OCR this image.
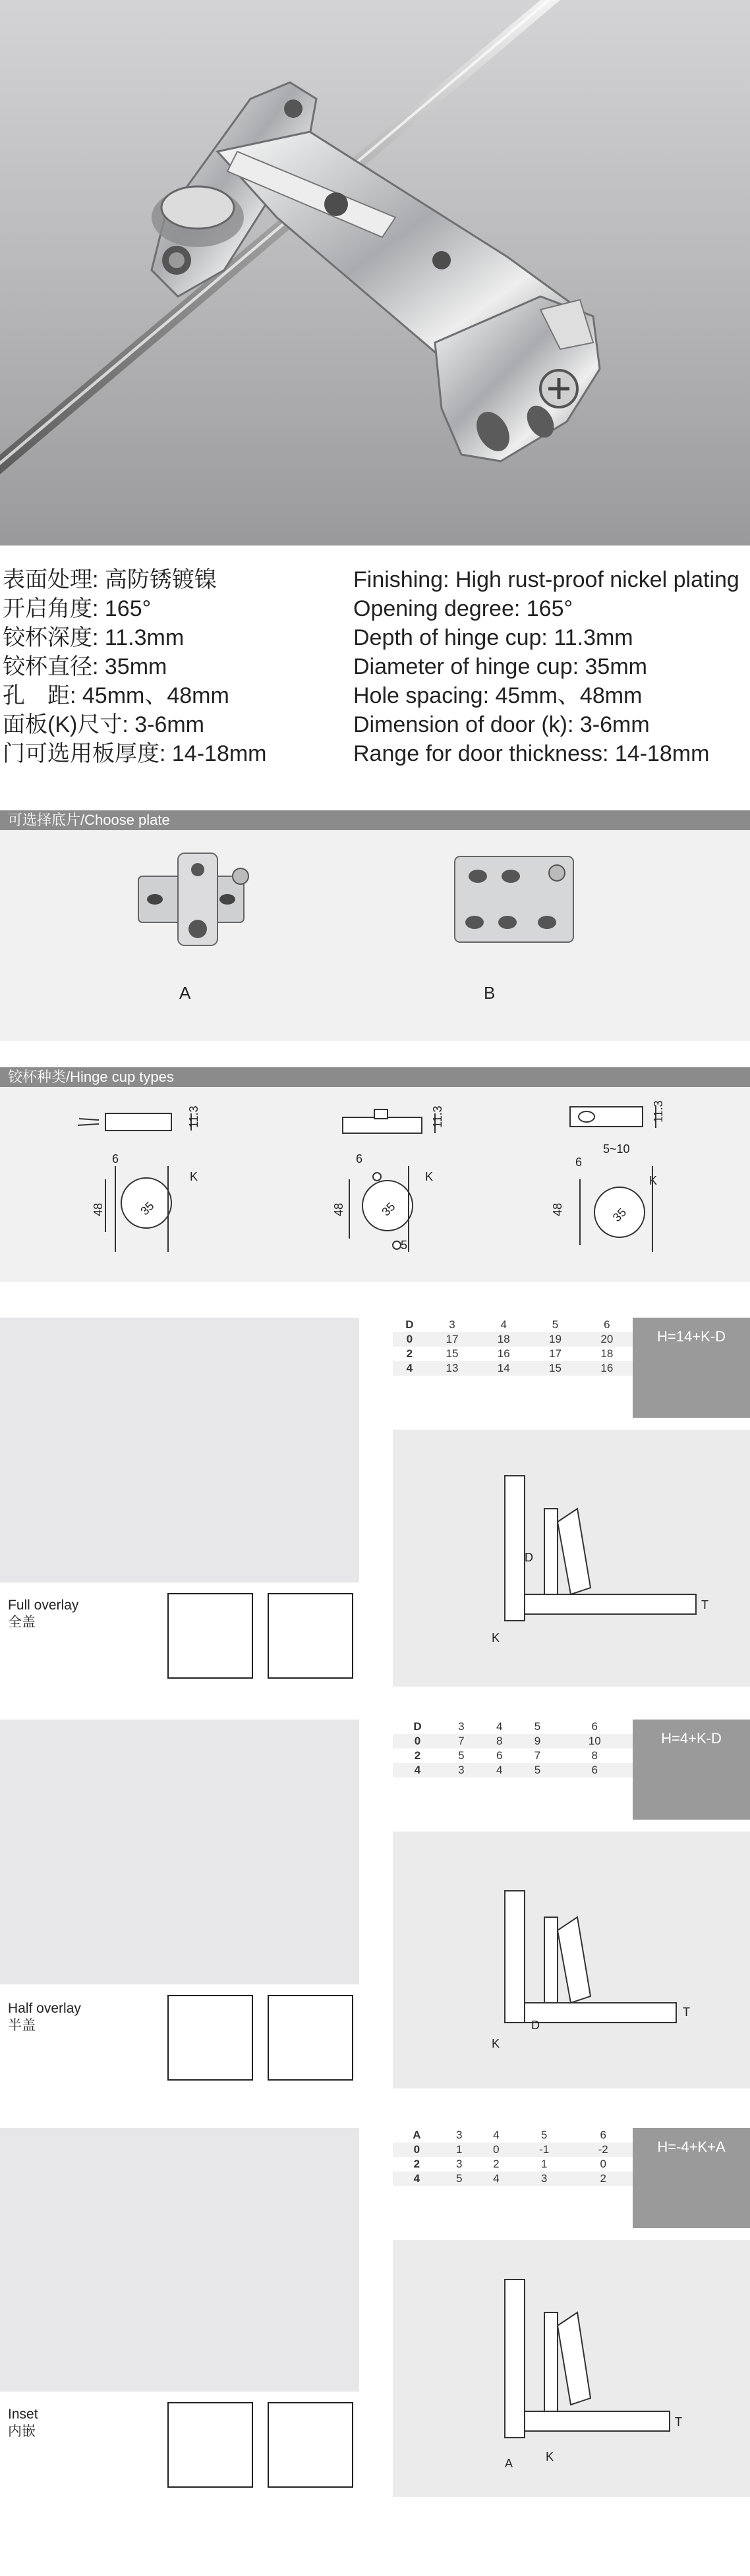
表面处理: 高防锈镀镍
开启角度: 165°
铰杯深度: 11.3mm
铰杯直径: 35mm
孔　距: 45mm、48mm
面板(K)尺寸: 3-6mm
门可选用板厚度: 14-18mm
Finishing: High rust-proof nickel plating
Opening degree: 165°
Depth of hinge cup: 11.3mm
Diameter of hinge cup: 35mm
Hole spacing: 45mm、48mm
Dimension of door (k): 3-6mm
Range for door thickness: 14-18mm
可选择底片/Choose plate
A	B
铰杯种类/Hinge cup types
11.3	11.3	11.3
6	6	6
K	K	K
48	48	48
35	35	35
5
5~10
Full overlay
全盖
D	3	4	5	6
0	17	18	19	20
2	15	16	17	18
4	13	14	15	16
H=14+K-D
D
K
T
Half overlay
半盖
D	3	4	5	6
0	7	8	9	10
2	5	6	7	8
4	3	4	5	6
H=4+K-D
D
K
T
Inset
内嵌
A	3	4	5	6
0	1	0	-1	-2
2	3	2	1	0
4	5	4	3	2
H=-4+K+A
A	K
T
